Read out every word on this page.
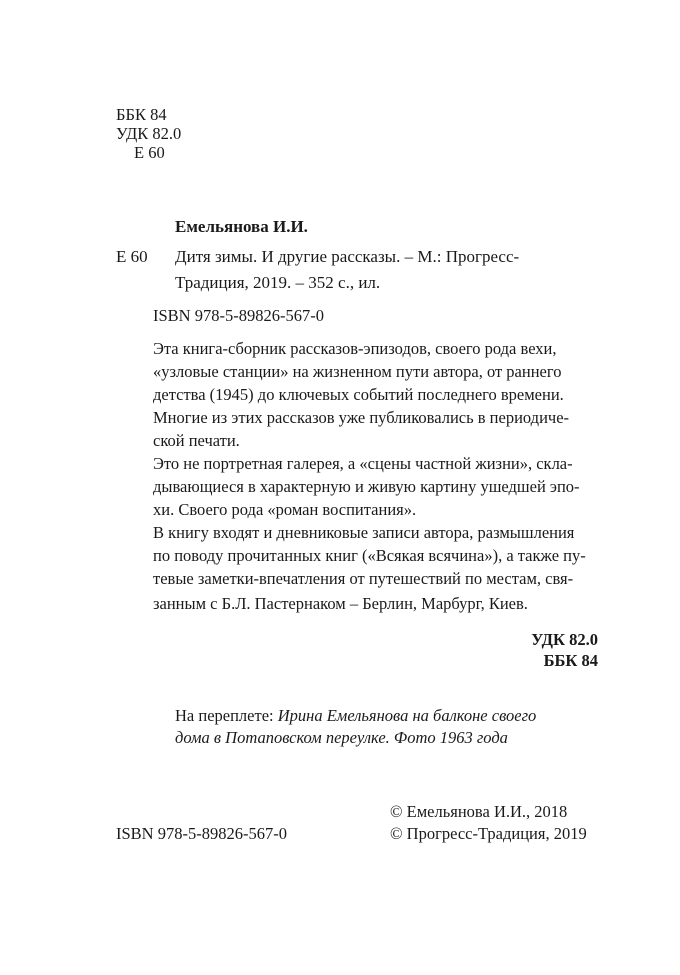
ББК 84
УДК 82.0
Е 60
Емельянова И.И.
Е 60 Дитя зимы. И другие рассказы. – М.: Прогресс-
Традиция, 2019. – 352 с., ил.
ISBN 978-5-89826-567-0
Эта книга-сборник рассказов-эпизодов, своего рода вехи,
«узловые станции» на жизненном пути автора, от раннего
детства (1945) до ключевых событий последнего времени.
Многие из этих рассказов уже публиковались в периодиче-
ской печати.
Это не портретная галерея, а «сцены частной жизни», скла-
дывающиеся в характерную и живую картину ушедшей эпо-
хи. Своего рода «роман воспитания».
В книгу входят и дневниковые записи автора, размышления
по поводу прочитанных книг («Всякая всячина»), а также пу-
тевые заметки-впечатления от путешествий по местам, свя-
занным с Б.Л. Пастернаком – Берлин, Марбург, Киев.
УДК 82.0
ББК 84
На переплете: Ирина Емельянова на балконе своего
дома в Потаповском переулке. Фото 1963 года
© Емельянова И.И., 2018
ISBN 978-5-89826-567-0	© Прогресс-Традиция, 2019
